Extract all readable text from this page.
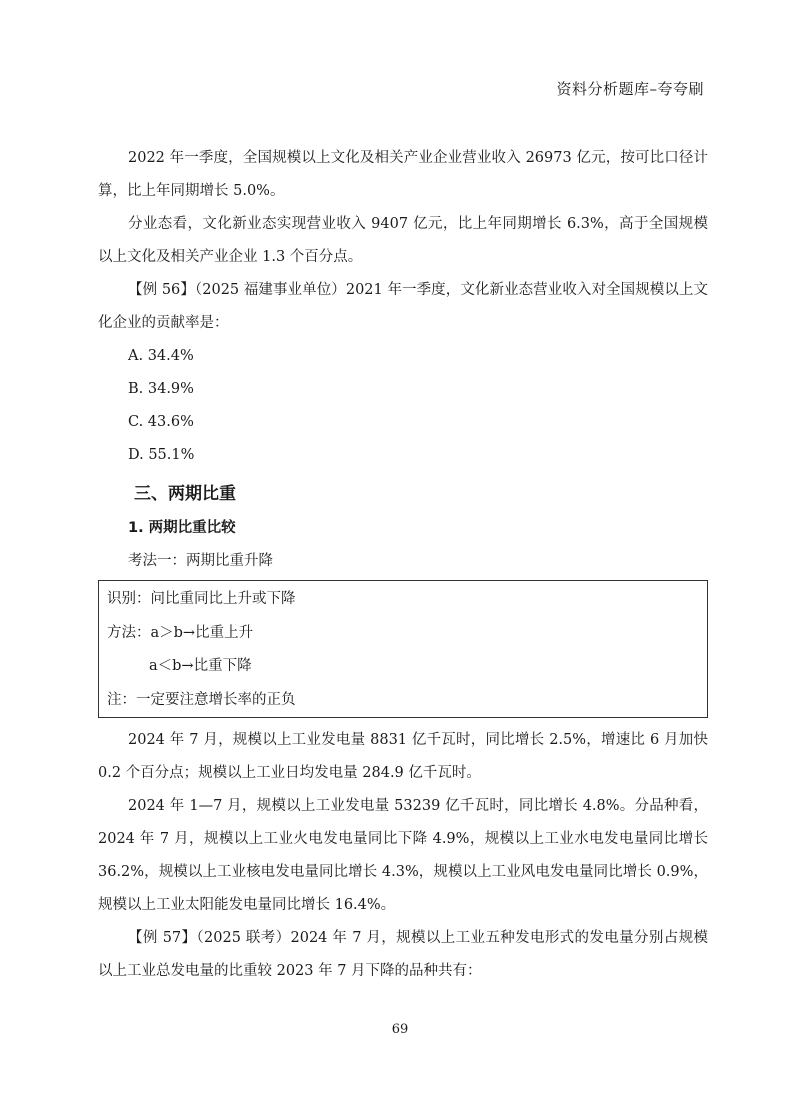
资料分析题库–夸夸刷

2022 年一季度，全国规模以上文化及相关产业企业营业收入 26973 亿元，按可比口径计算，比上年同期增长 5.0%。

分业态看，文化新业态实现营业收入 9407 亿元，比上年同期增长 6.3%，高于全国规模以上文化及相关产业企业 1.3 个百分点。

【例 56】（2025 福建事业单位）2021 年一季度，文化新业态营业收入对全国规模以上文化企业的贡献率是：

A. 34.4%
B. 34.9%
C. 43.6%
D. 55.1%
三、两期比重
1. 两期比重比较
考法一：两期比重升降
识别：问比重同比上升或下降
方法：a＞b→比重上升
a＜b→比重下降
注：一定要注意增长率的正负

2024 年 7 月，规模以上工业发电量 8831 亿千瓦时，同比增长 2.5%，增速比 6 月加快 0.2 个百分点；规模以上工业日均发电量 284.9 亿千瓦时。

2024 年 1—7 月，规模以上工业发电量 53239 亿千瓦时，同比增长 4.8%。分品种看，2024 年 7 月，规模以上工业火电发电量同比下降 4.9%，规模以上工业水电发电量同比增长 36.2%，规模以上工业核电发电量同比增长 4.3%，规模以上工业风电发电量同比增长 0.9%，规模以上工业太阳能发电量同比增长 16.4%。

【例 57】（2025 联考）2024 年 7 月，规模以上工业五种发电形式的发电量分别占规模以上工业总发电量的比重较 2023 年 7 月下降的品种共有：

69
